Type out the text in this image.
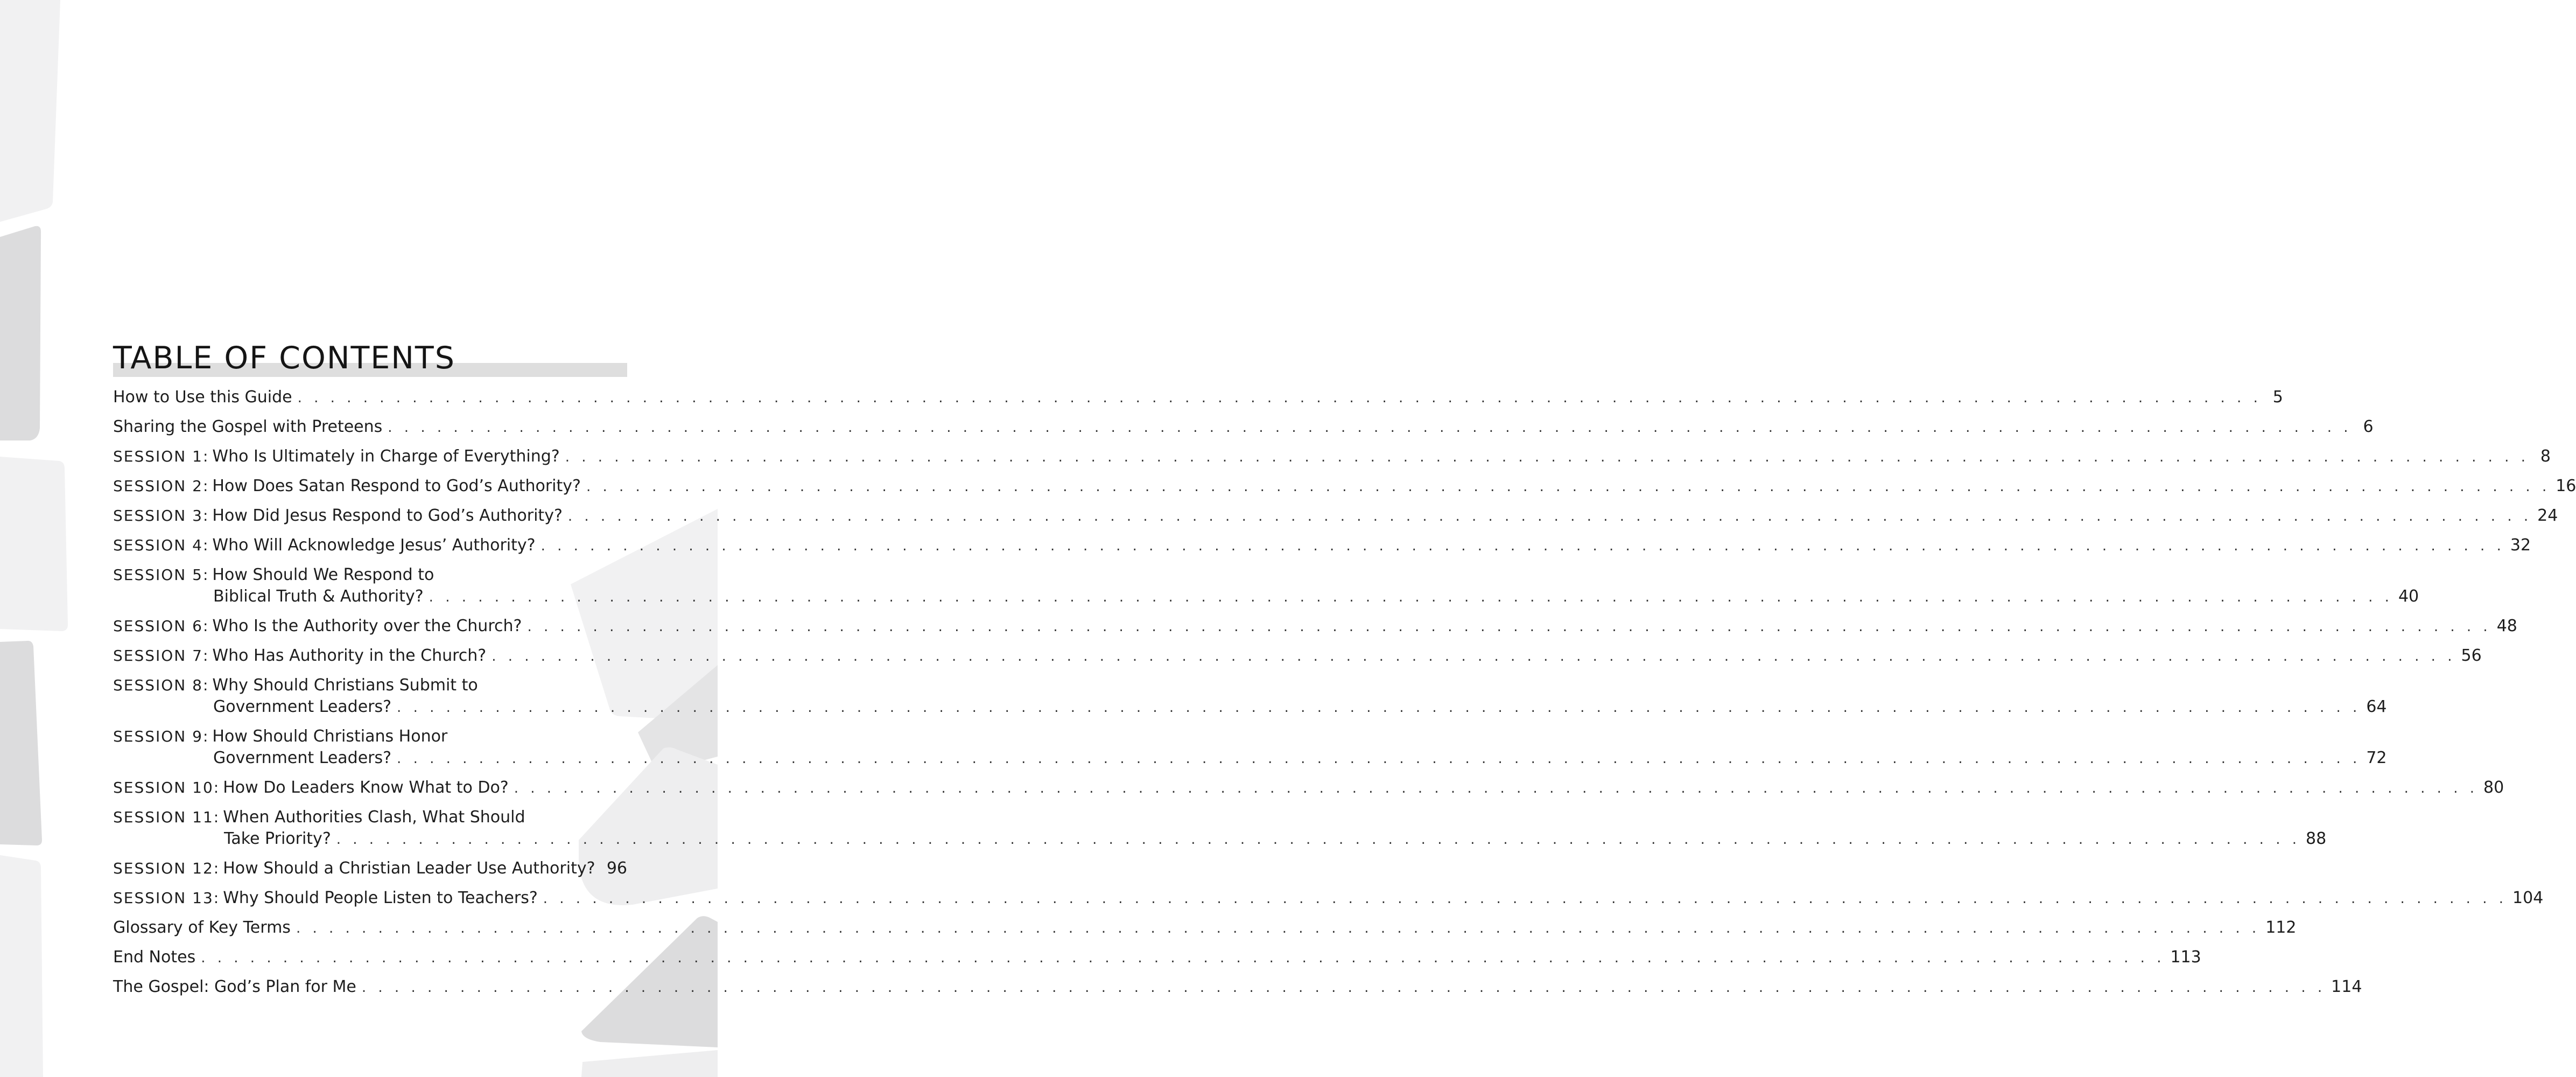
TABLE OF CONTENTS
How to Use this Guide . . . . . . . . . . . . . . . . . . . . . . . . . . . . . . . . . . . . . . . . . . . . . . . . . . . . . . . . . . . . . . . . . . . . . . . . . . . . . . . . . . . . . . . . . . . . . . . . . . . . . . . . . . . . . . . . . . . . . . . . 5
Sharing the Gospel with Preteens . . . . . . . . . . . . . . . . . . . . . . . . . . . . . . . . . . . . . . . . . . . . . . . . . . . . . . . . . . . . . . . . . . . . . . . . . . . . . . . . . . . . . . . . . . . . . . . . . . . . . . . . . . . . . . . . . . . . . . . . 6
SESSION 1: Who Is Ultimately in Charge of Everything? . . . . . . . . . . . . . . . . . . . . . . . . . . . . . . . . . . . . . . . . . . . . . . . . . . . . . . . . . . . . . . . . . . . . . . . . . . . . . . . . . . . . . . . . . . . . . . . . . . . . . . . . . . . . . . . . . . . . . . . . 8
SESSION 2: How Does Satan Respond to God’s Authority? . . . . . . . . . . . . . . . . . . . . . . . . . . . . . . . . . . . . . . . . . . . . . . . . . . . . . . . . . . . . . . . . . . . . . . . . . . . . . . . . . . . . . . . . . . . . . . . . . . . . . . . . . . . . . . . . . . . . . . . . 16
SESSION 3: How Did Jesus Respond to God’s Authority? . . . . . . . . . . . . . . . . . . . . . . . . . . . . . . . . . . . . . . . . . . . . . . . . . . . . . . . . . . . . . . . . . . . . . . . . . . . . . . . . . . . . . . . . . . . . . . . . . . . . . . . . . . . . . . . . . . . . . . . . 24
SESSION 4: Who Will Acknowledge Jesus’ Authority? . . . . . . . . . . . . . . . . . . . . . . . . . . . . . . . . . . . . . . . . . . . . . . . . . . . . . . . . . . . . . . . . . . . . . . . . . . . . . . . . . . . . . . . . . . . . . . . . . . . . . . . . . . . . . . . . . . . . . . . . 32
SESSION 5: How Should We Respond to
Biblical Truth & Authority? . . . . . . . . . . . . . . . . . . . . . . . . . . . . . . . . . . . . . . . . . . . . . . . . . . . . . . . . . . . . . . . . . . . . . . . . . . . . . . . . . . . . . . . . . . . . . . . . . . . . . . . . . . . . . . . . . . . . . . . . 40
SESSION 6: Who Is the Authority over the Church? . . . . . . . . . . . . . . . . . . . . . . . . . . . . . . . . . . . . . . . . . . . . . . . . . . . . . . . . . . . . . . . . . . . . . . . . . . . . . . . . . . . . . . . . . . . . . . . . . . . . . . . . . . . . . . . . . . . . . . . . 48
SESSION 7: Who Has Authority in the Church? . . . . . . . . . . . . . . . . . . . . . . . . . . . . . . . . . . . . . . . . . . . . . . . . . . . . . . . . . . . . . . . . . . . . . . . . . . . . . . . . . . . . . . . . . . . . . . . . . . . . . . . . . . . . . . . . . . . . . . . . 56
SESSION 8: Why Should Christians Submit to
Government Leaders? . . . . . . . . . . . . . . . . . . . . . . . . . . . . . . . . . . . . . . . . . . . . . . . . . . . . . . . . . . . . . . . . . . . . . . . . . . . . . . . . . . . . . . . . . . . . . . . . . . . . . . . . . . . . . . . . . . . . . . . . 64
SESSION 9: How Should Christians Honor
Government Leaders? . . . . . . . . . . . . . . . . . . . . . . . . . . . . . . . . . . . . . . . . . . . . . . . . . . . . . . . . . . . . . . . . . . . . . . . . . . . . . . . . . . . . . . . . . . . . . . . . . . . . . . . . . . . . . . . . . . . . . . . . 72
SESSION 10: How Do Leaders Know What to Do? . . . . . . . . . . . . . . . . . . . . . . . . . . . . . . . . . . . . . . . . . . . . . . . . . . . . . . . . . . . . . . . . . . . . . . . . . . . . . . . . . . . . . . . . . . . . . . . . . . . . . . . . . . . . . . . . . . . . . . . . 80
SESSION 11: When Authorities Clash, What Should
Take Priority? . . . . . . . . . . . . . . . . . . . . . . . . . . . . . . . . . . . . . . . . . . . . . . . . . . . . . . . . . . . . . . . . . . . . . . . . . . . . . . . . . . . . . . . . . . . . . . . . . . . . . . . . . . . . . . . . . . . . . . . . 88
SESSION 12: How Should a Christian Leader Use Authority? 96
SESSION 13: Why Should People Listen to Teachers? . . . . . . . . . . . . . . . . . . . . . . . . . . . . . . . . . . . . . . . . . . . . . . . . . . . . . . . . . . . . . . . . . . . . . . . . . . . . . . . . . . . . . . . . . . . . . . . . . . . . . . . . . . . . . . . . . . . . . . . . 104
Glossary of Key Terms . . . . . . . . . . . . . . . . . . . . . . . . . . . . . . . . . . . . . . . . . . . . . . . . . . . . . . . . . . . . . . . . . . . . . . . . . . . . . . . . . . . . . . . . . . . . . . . . . . . . . . . . . . . . . . . . . . . . . . . . 112
End Notes . . . . . . . . . . . . . . . . . . . . . . . . . . . . . . . . . . . . . . . . . . . . . . . . . . . . . . . . . . . . . . . . . . . . . . . . . . . . . . . . . . . . . . . . . . . . . . . . . . . . . . . . . . . . . . . . . . . . . . . . 113
The Gospel: God’s Plan for Me . . . . . . . . . . . . . . . . . . . . . . . . . . . . . . . . . . . . . . . . . . . . . . . . . . . . . . . . . . . . . . . . . . . . . . . . . . . . . . . . . . . . . . . . . . . . . . . . . . . . . . . . . . . . . . . . . . . . . . . . 114
